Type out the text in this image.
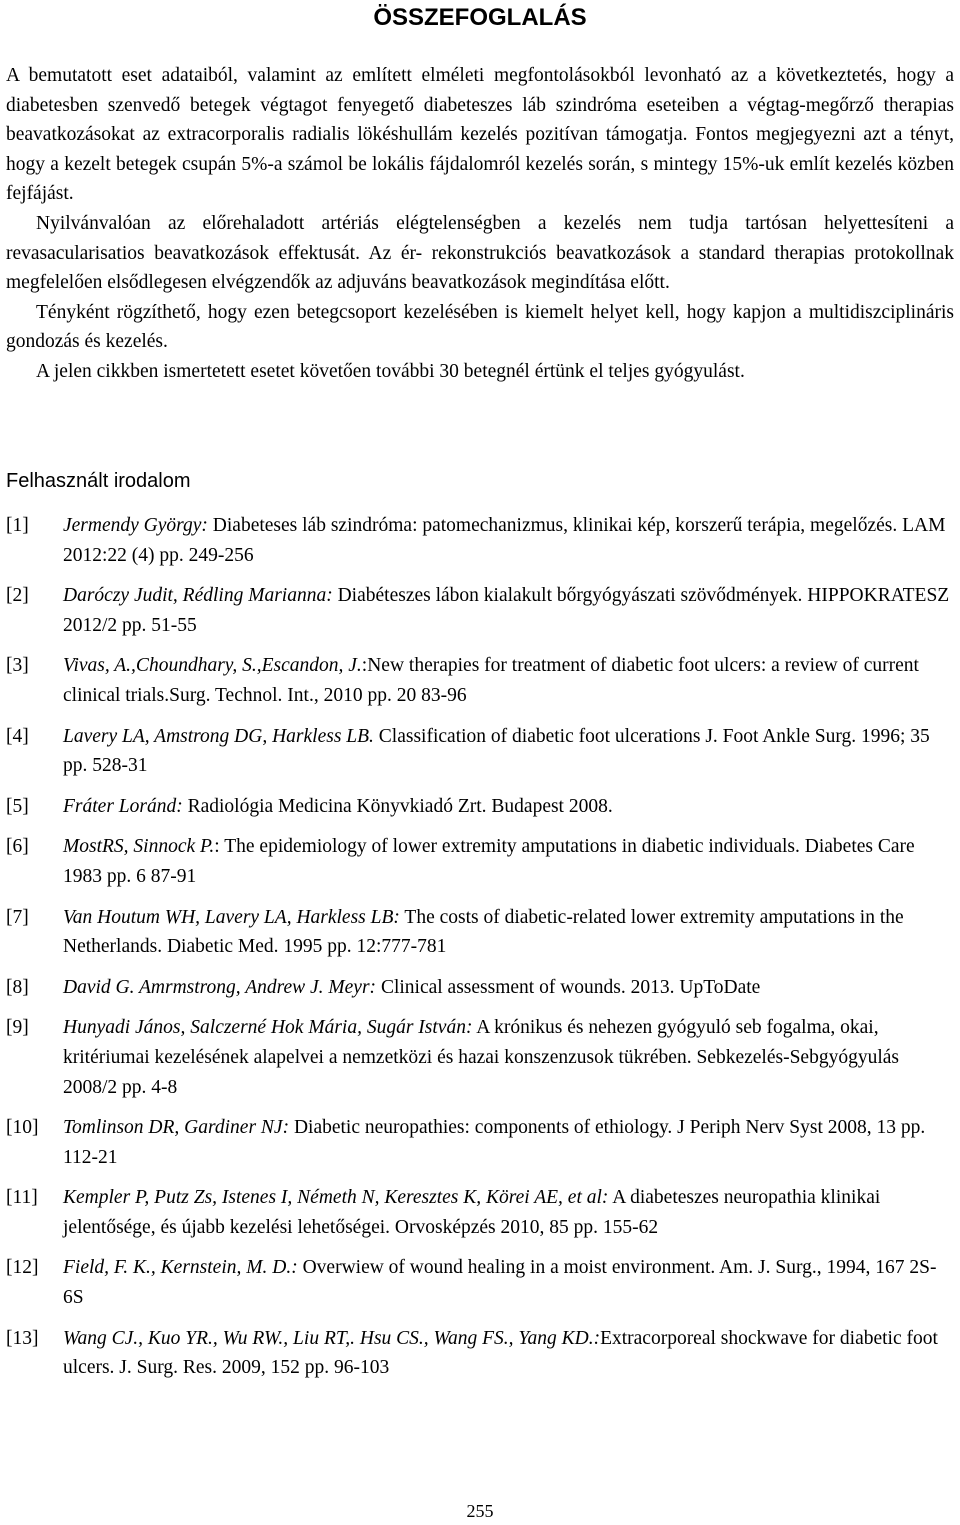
ÖSSZEFOGLALÁS

A bemutatott eset adataiból, valamint az említett elméleti megfontolásokból levonható az a következtetés, hogy a diabetesben szenvedő betegek végtagot fenyegető diabeteszes láb szindróma eseteiben a végtag-megőrző therapias beavatkozásokat az extracorporalis radialis lökéshullám kezelés pozitívan támogatja. Fontos megjegyezni azt a tényt, hogy a kezelt betegek csupán 5%-a számol be lokális fájdalomról kezelés során, s mintegy 15%-uk említ kezelés közben fejfájást.

Nyilvánvalóan az előrehaladott artériás elégtelenségben a kezelés nem tudja tartósan helyettesíteni a revasacularisatios beavatkozások effektusát. Az ér- rekonstrukciós beavatkozások a standard therapias protokollnak megfelelően elsődlegesen elvégzendők az adjuváns beavatkozások megindítása előtt.

Tényként rögzíthető, hogy ezen betegcsoport kezelésében is kiemelt helyet kell, hogy kapjon a multidiszciplináris gondozás és kezelés.

A jelen cikkben ismertetett esetet követően további 30 betegnél értünk el teljes gyógyulást.

Felhasznált irodalom
[1] Jermendy György: Diabeteses láb szindróma: patomechanizmus, klinikai kép, korszerű terápia, megelőzés. LAM 2012:22 (4) pp. 249-256
[2] Daróczy Judit, Rédling Marianna: Diabéteszes lábon kialakult bőrgyógyászati szövődmények. HIPPOKRATESZ 2012/2 pp. 51-55
[3] Vivas, A.,Choundhary, S.,Escandon, J.:New therapies for treatment of diabetic foot ulcers: a review of current clinical trials.Surg. Technol. Int., 2010 pp. 20 83-96
[4] Lavery LA, Amstrong DG, Harkless LB. Classification of diabetic foot ulcerations J. Foot Ankle Surg. 1996; 35 pp. 528-31
[5] Fráter Loránd: Radiológia Medicina Könyvkiadó Zrt. Budapest 2008.
[6] MostRS, Sinnock P.: The epidemiology of lower extremity amputations in diabetic individuals. Diabetes Care 1983 pp. 6 87-91
[7] Van Houtum WH, Lavery LA, Harkless LB: The costs of diabetic-related lower extremity amputations in the Netherlands. Diabetic Med. 1995 pp. 12:777-781
[8] David G. Amrmstrong, Andrew J. Meyr: Clinical assessment of wounds. 2013. UpToDate
[9] Hunyadi János, Salczerné Hok Mária, Sugár István: A krónikus és nehezen gyógyuló seb fogalma, okai, kritériumai kezelésének alapelvei a nemzetközi és hazai konszenzusok tükrében. Sebkezelés-Sebgyógyulás 2008/2 pp. 4-8
[10] Tomlinson DR, Gardiner NJ: Diabetic neuropathies: components of ethiology. J Periph Nerv Syst 2008, 13 pp. 112-21
[11] Kempler P, Putz Zs, Istenes I, Németh N, Keresztes K, Körei AE, et al: A diabeteszes neuropathia klinikai jelentősége, és újabb kezelési lehetőségei. Orvosképzés 2010, 85 pp. 155-62
[12] Field, F. K., Kernstein, M. D.: Overwiew of wound healing in a moist environment. Am. J. Surg., 1994, 167 2S-6S
[13] Wang CJ., Kuo YR., Wu RW., Liu RT,. Hsu CS., Wang FS., Yang KD.:Extracorporeal shockwave for diabetic foot ulcers. J. Surg. Res. 2009, 152 pp. 96-103
255
